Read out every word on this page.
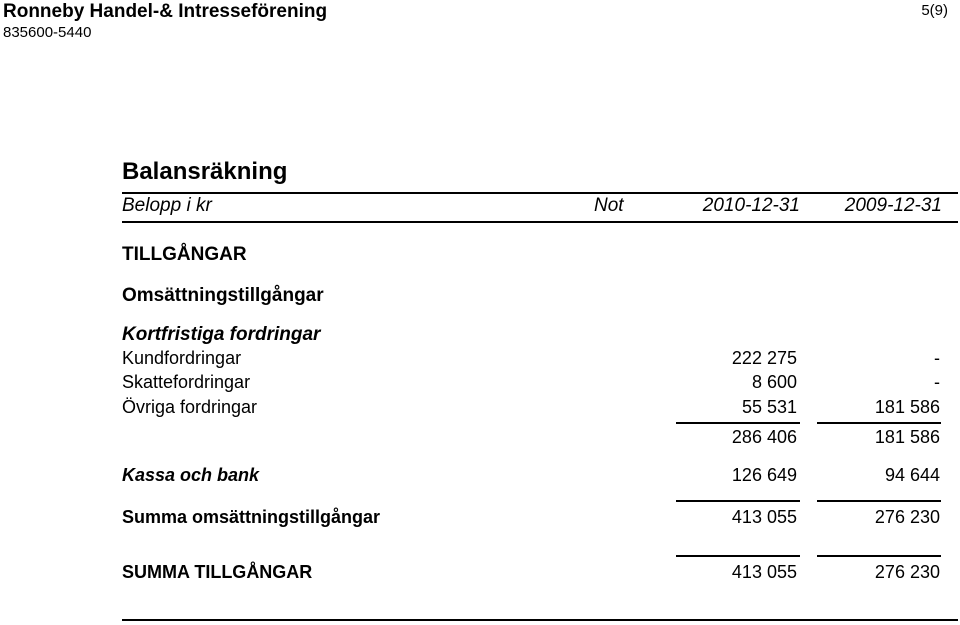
Ronneby Handel-& Intresseförening
835600-5440
5(9)
Balansräkning
Belopp i kr	Not	2010-12-31 2009-12-31
TILLGÅNGAR
Omsättningstillgångar
Kortfristiga fordringar
Kundfordringar	222 275	-
Skattefordringar	8 600	-
Övriga fordringar	55 531	181 586
286 406	181 586
Kassa och bank	126 649	94 644
Summa omsättningstillgångar	413 055	276 230
SUMMA TILLGÅNGAR	413 055	276 230
